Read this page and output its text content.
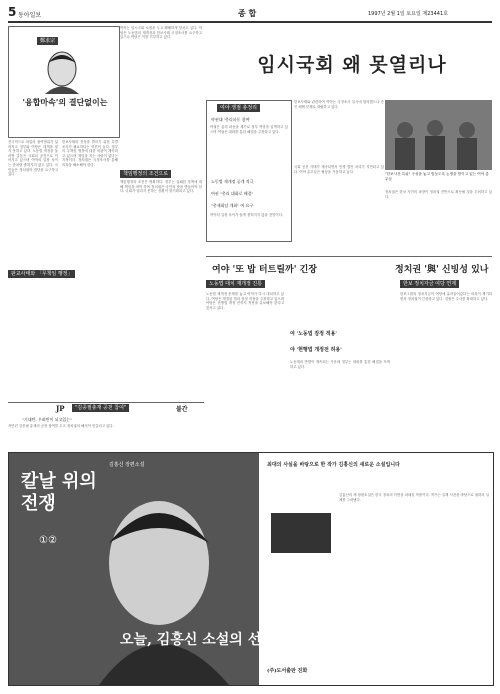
5 동아일보	종 합	1997년 2월 1일 토요일 제23441호
鄭求宗
'융합마속'의 결단없이는
전국적으로 파업의 참여범위가 넓어지고 정부와 여당은 대책을 찾지 못하고 있다. 노동법 개정을 둘러싼 갈등은 국회의 공전으로 이어지고 있으며 여야의 입장 차이는 좀처럼 좁혀지지 않고 있다. 국민들은 정치권의 결단을 요구하고 있다.
한보사태의 진상을 밝히기 위한 특별조사가 필요하다는 여론이 높다. 정부의 무책임 행정에 대한 비판이 계속되고 있으며 책임을 지는 사람이 없다는 지적이다. 정치권은 국정조사를 통해 의혹을 해소해야 한다.
판교사태와 「무책임 행정」
책임행정의 조건으로
여야는 임시국회 소집을 두고 팽팽하게 맞서고 있다. 야당은 노동법의 재개정과 한보사태 국정조사를 요구하고 있으나 여당은 이를 거부하고 있다.
책임행정의 조건은 명확하다. 정부는 실패한 정책에 대해 책임을 져야 하며 정치권은 국민의 뜻을 받들어야 한다. 국회가 열리지 못하는 상황이 장기화되고 있다.
임시국회 왜 못열리나
여야 쟁점 총정리
야권대 '총리파동 참여'
야권은 총리 파동을 계기로 정부 여당을 압박하고 있으며 여권은 대화를 통한 해결을 주장하고 있다.
노동법 재개정 공개 적극
여권 "총리 대화로 해결"
"총재회담 개최" 여 요구
여야의 입장 차이가 쉽게 좁혀지지 않을 전망이다.
한보사태와 관련하여 여야는 국정조사 실시에 합의했으나 증인 채택 문제로 대립하고 있다.
"한보사건 특위" 구성을 놓고 밤늦도록 논쟁을 벌이고 있는 여야 총무들
국회 공전 사태가 계속되면서 민생 법안 처리가 지연되고 있다. 여야 총무들은 협상을 거듭하고 있다.
정치권은 한보 사건의 파장이 정치권 전반으로 확산될 것을 우려하고 있다.
여야 '또 밥 터트릴까' 긴장	정치권 '與' 신빙성 있나
노동법 대치 재개정 진통	한보 정치자금 여당 연계
노동법 재개정 문제를 놓고 여야가 다시 대치하고 있다. 여당은 개정된 법의 잠정 적용을 주장하고 있으며 야당은 현행법 개정 전까지 적용을 유보해야 한다고 맞서고 있다.
여 '노동법 잠정 적용'
야 '현행법 개정전 허용'
노동계의 반발이 계속되는 가운데 정부는 대화를 통한 해결을 모색하고 있다.
한보그룹의 정치자금이 여당에 흘러들어갔다는 의혹이 제기되면서 정치권이 긴장하고 있다. 검찰은 수사를 확대하고 있다.
JP	"김종필총재 공천 참여"	불간
"기대반, 우려반이 되고있는"
자민련 김종필 총재의 공천 참여를 두고 정치권의 해석이 엇갈리고 있다.
칼날 위의 전쟁
①②
김홍신 장편소설	최대의 사실을 바탕으로 한 작가 김홍신의 새로운 소설입니다
김홍신의 새 장편소설은 한국 정치의 이면을 파헤친 작품이다. 작가는 실제 사건을 바탕으로 권력의 실체를 그려냈다.
오늘, 김홍신 소설의 선전포고가 시작되었다!
(주)도서출판 진화
